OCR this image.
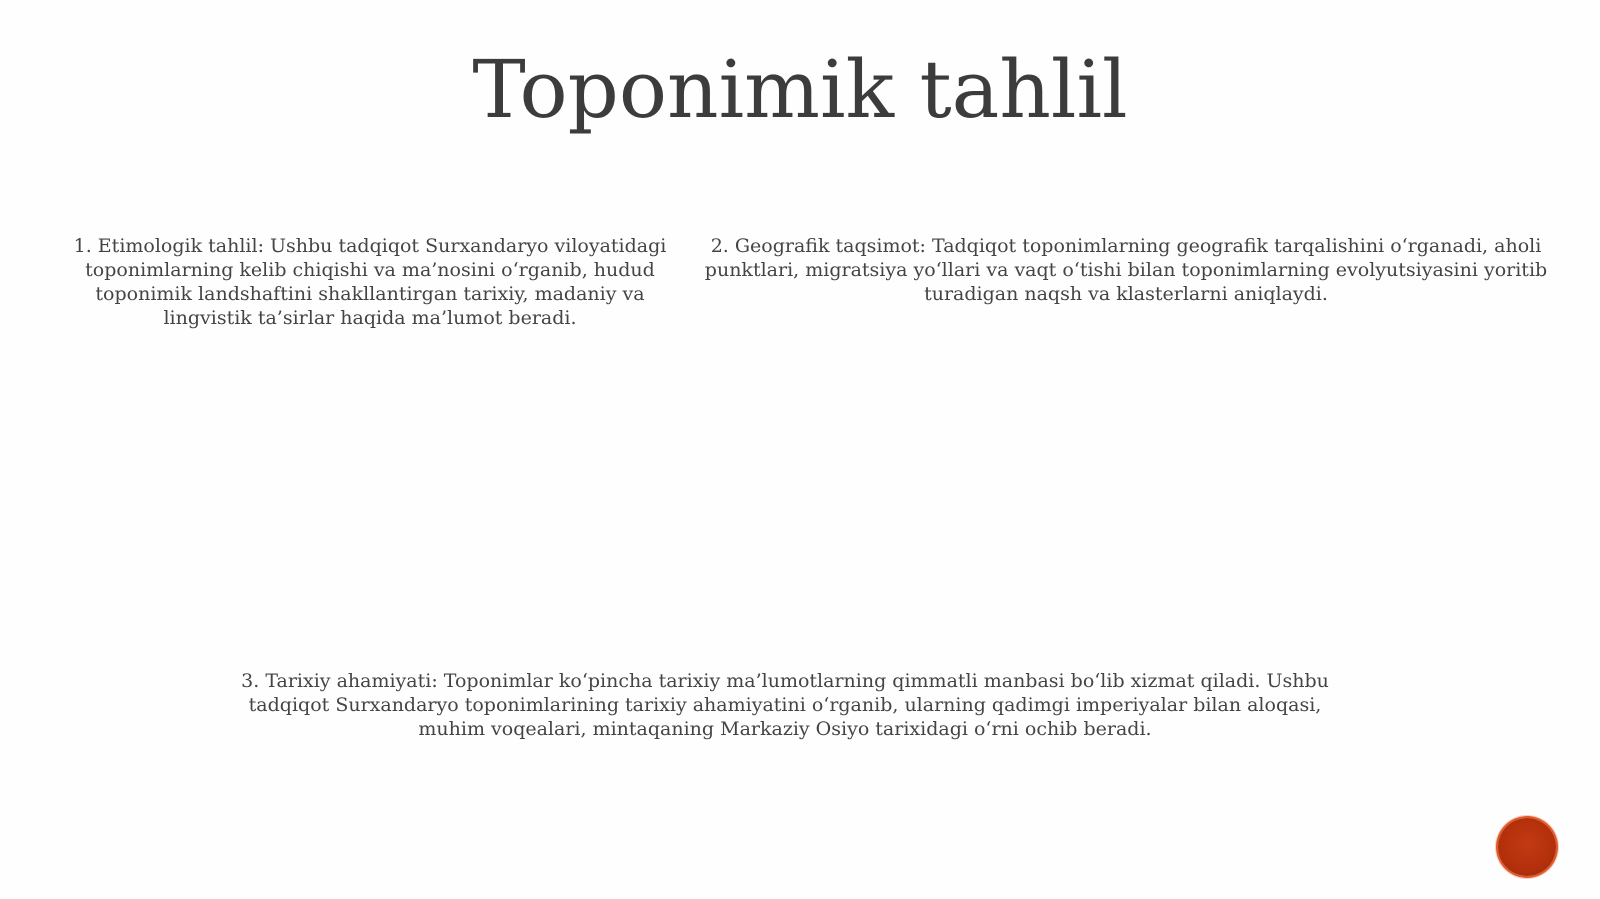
Toponimik tahlil
1. Etimologik tahlil: Ushbu tadqiqot Surxandaryo viloyatidagi toponimlarning kelib chiqishi va ma’nosini o‘rganib, hudud toponimik landshaftini shakllantirgan tarixiy, madaniy va lingvistik ta’sirlar haqida ma’lumot beradi.
2. Geografik taqsimot: Tadqiqot toponimlarning geografik tarqalishini o‘rganadi, aholi punktlari, migratsiya yo‘llari va vaqt o‘tishi bilan toponimlarning evolyutsiyasini yoritib turadigan naqsh va klasterlarni aniqlaydi.
3. Tarixiy ahamiyati: Toponimlar ko‘pincha tarixiy ma’lumotlarning qimmatli manbasi bo‘lib xizmat qiladi. Ushbu tadqiqot Surxandaryo toponimlarining tarixiy ahamiyatini o‘rganib, ularning qadimgi imperiyalar bilan aloqasi, muhim voqealari, mintaqaning Markaziy Osiyo tarixidagi o‘rni ochib beradi.
